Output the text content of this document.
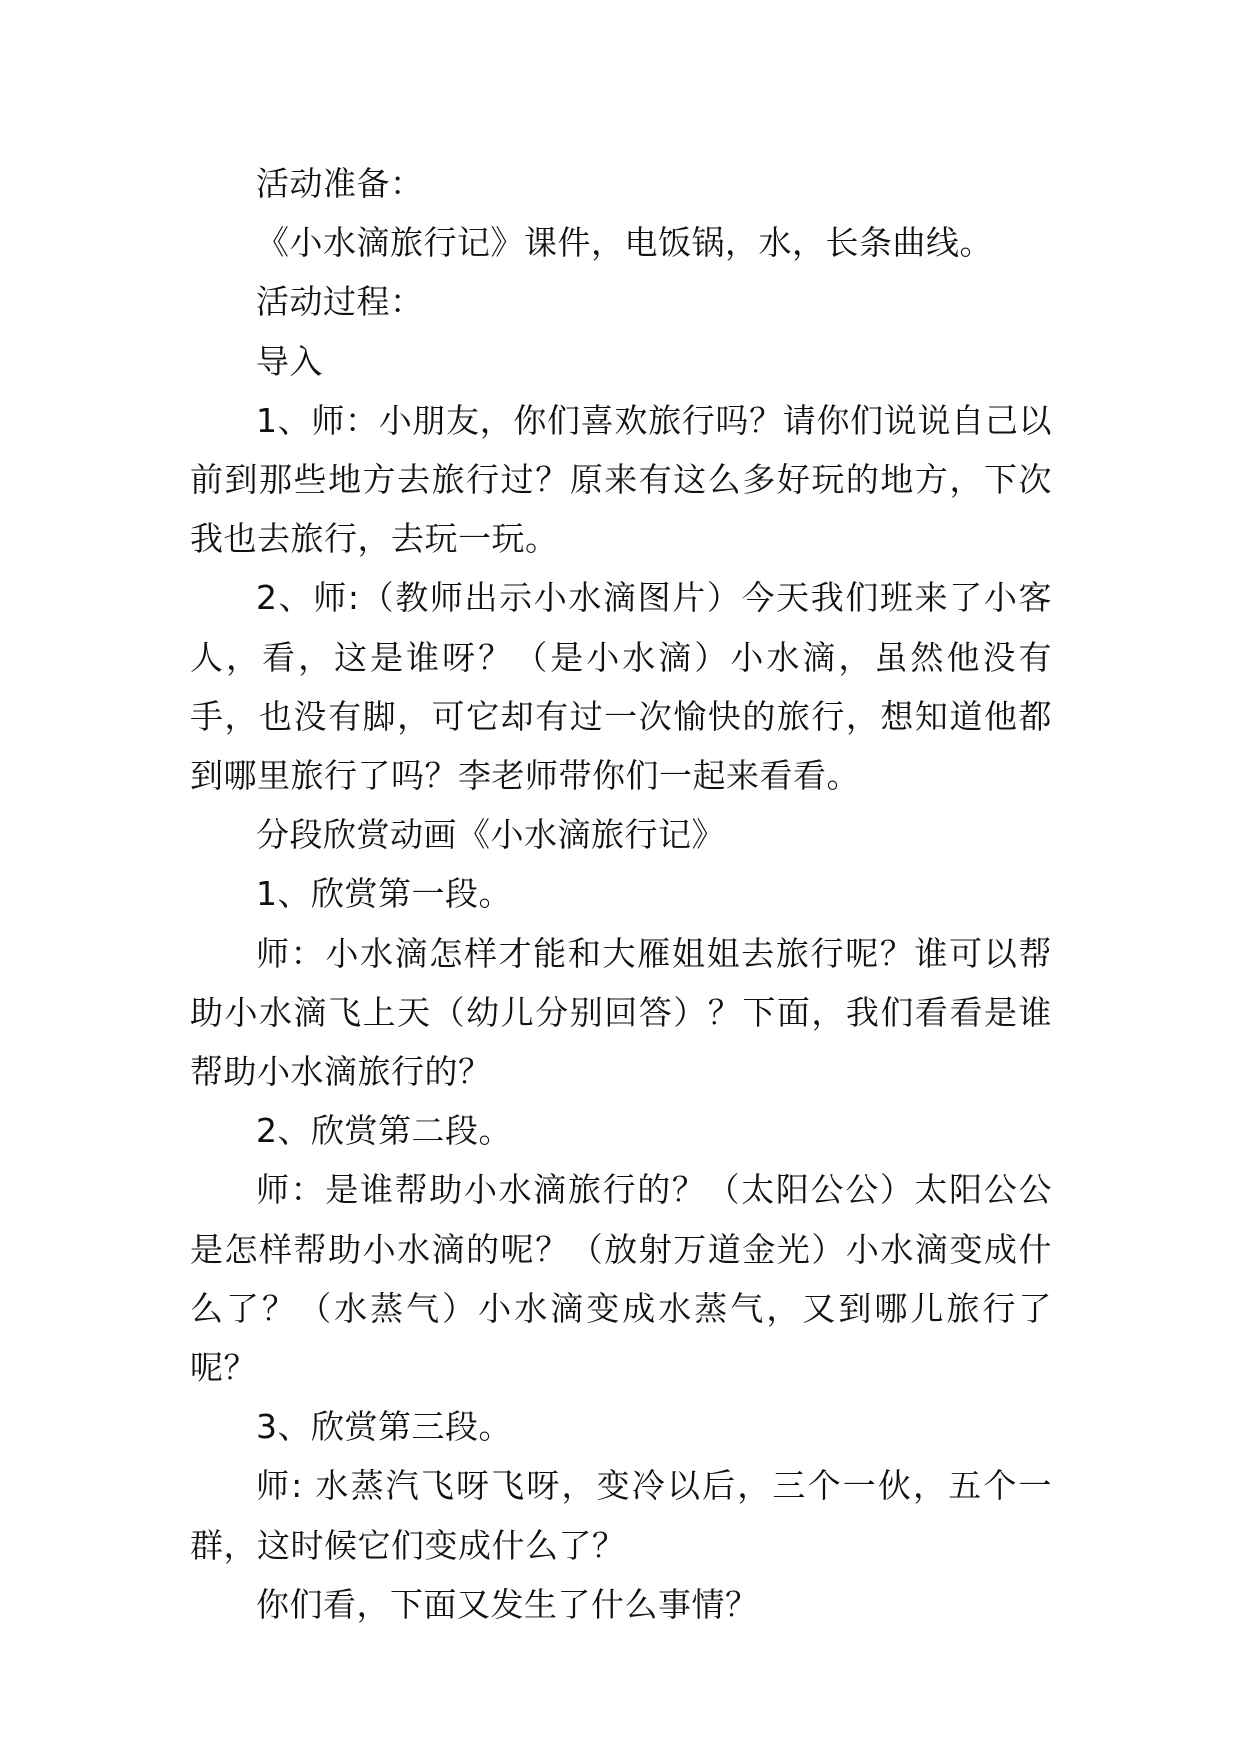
活动准备：

《小水滴旅行记》课件，电饭锅，水，长条曲线。

活动过程：

导入

1、师：小朋友，你们喜欢旅行吗？请你们说说自己以前到那些地方去旅行过？原来有这么多好玩的地方，下次我也去旅行，去玩一玩。

2、师:（教师出示小水滴图片）今天我们班来了小客人，看，这是谁呀？（是小水滴）小水滴，虽然他没有手，也没有脚，可它却有过一次愉快的旅行，想知道他都到哪里旅行了吗？李老师带你们一起来看看。

分段欣赏动画《小水滴旅行记》

1、欣赏第一段。

师：小水滴怎样才能和大雁姐姐去旅行呢？谁可以帮助小水滴飞上天（幼儿分别回答）？下面，我们看看是谁帮助小水滴旅行的？

2、欣赏第二段。

师：是谁帮助小水滴旅行的？（太阳公公）太阳公公是怎样帮助小水滴的呢？（放射万道金光）小水滴变成什么了？（水蒸气）小水滴变成水蒸气，又到哪儿旅行了呢？

3、欣赏第三段。

师: 水蒸汽飞呀飞呀，变冷以后，三个一伙，五个一群，这时候它们变成什么了？

你们看，下面又发生了什么事情？
